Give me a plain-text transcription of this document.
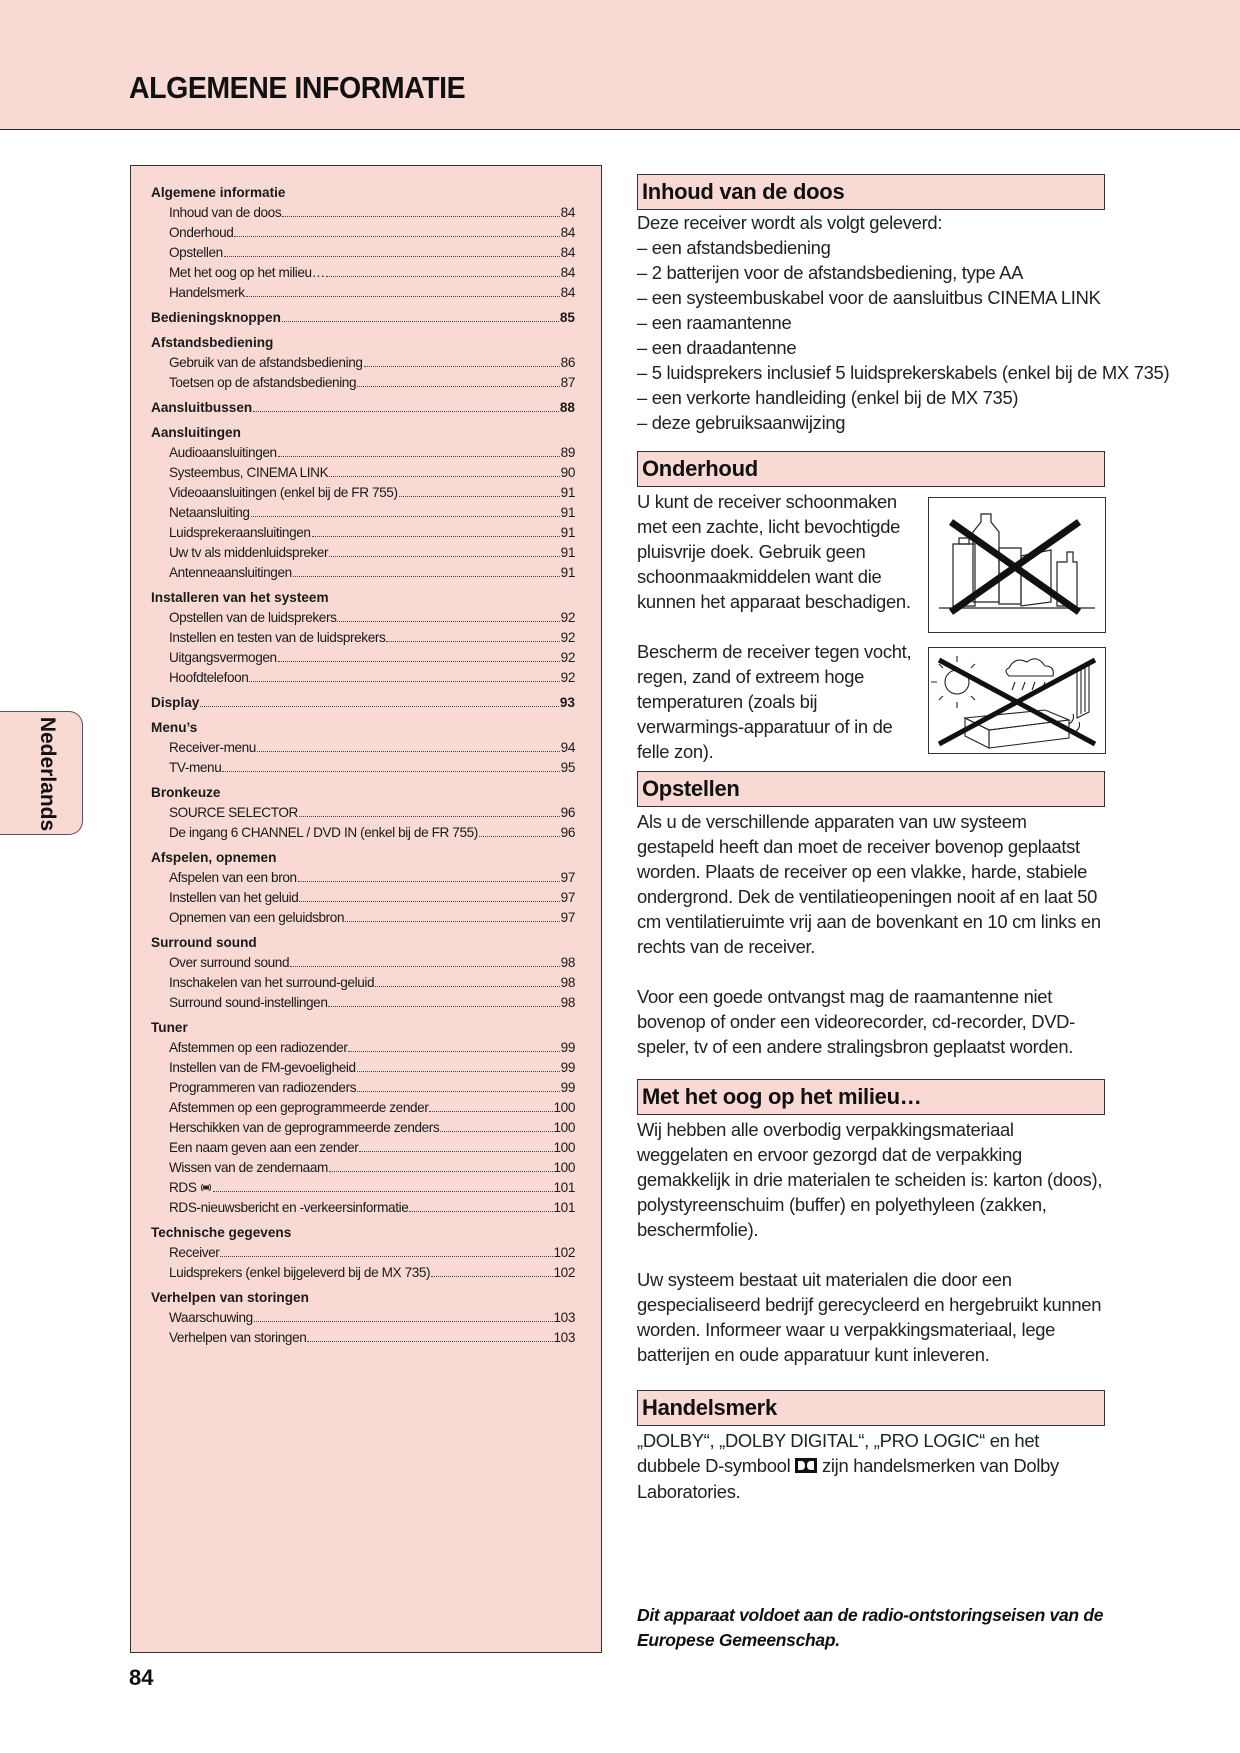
ALGEMENE INFORMATIE
Nederlands
Algemene informatie
Inhoud van de doos	84
Onderhoud	84
Opstellen	84
Met het oog op het milieu…	84
Handelsmerk	84
Bedieningsknoppen	85
Afstandsbediening
Gebruik van de afstandsbediening	86
Toetsen op de afstandsbediening	87
Aansluitbussen	88
Aansluitingen
Audioaansluitingen	89
Systeembus, CINEMA LINK	90
Videoaansluitingen (enkel bij de FR 755)	91
Netaansluiting	91
Luidsprekeraansluitingen	91
Uw tv als middenluidspreker	91
Antenneaansluitingen	91
Installeren van het systeem
Opstellen van de luidsprekers	92
Instellen en testen van de luidsprekers	92
Uitgangsvermogen	92
Hoofdtelefoon	92
Display	93
Menu’s
Receiver-menu	94
TV-menu	95
Bronkeuze
SOURCE SELECTOR	96
De ingang 6 CHANNEL / DVD IN (enkel bij de FR 755)	96
Afspelen, opnemen
Afspelen van een bron	97
Instellen van het geluid	97
Opnemen van een geluidsbron	97
Surround sound
Over surround sound	98
Inschakelen van het surround-geluid	98
Surround sound-instellingen	98
Tuner
Afstemmen op een radiozender	99
Instellen van de FM-gevoeligheid	99
Programmeren van radiozenders	99
Afstemmen op een geprogrammeerde zender	100
Herschikken van de geprogrammeerde zenders	100
Een naam geven aan een zender	100
Wissen van de zendernaam	100
RDS	101
RDS-nieuwsbericht en -verkeersinformatie	101
Technische gegevens
Receiver	102
Luidsprekers (enkel bijgeleverd bij de MX 735)	102
Verhelpen van storingen
Waarschuwing	103
Verhelpen van storingen	103
Inhoud van de doos
Deze receiver wordt als volgt geleverd:
– een afstandsbediening
– 2 batterijen voor de afstandsbediening, type AA
– een systeembuskabel voor de aansluitbus CINEMA LINK
– een raamantenne
– een draadantenne
– 5 luidsprekers inclusief 5 luidsprekerskabels (enkel bij de MX 735)
– een verkorte handleiding (enkel bij de MX 735)
– deze gebruiksaanwijzing
Onderhoud

U kunt de receiver schoonmaken met een zachte, licht bevochtigde pluisvrije doek. Gebruik geen schoonmaakmiddelen want die kunnen het apparaat beschadigen.

Bescherm de receiver tegen vocht, regen, zand of extreem hoge temperaturen (zoals bij verwarmings-apparatuur of in de felle zon).

Opstellen

Als u de verschillende apparaten van uw systeem gestapeld heeft dan moet de receiver bovenop geplaatst worden. Plaats de receiver op een vlakke, harde, stabiele ondergrond. Dek de ventilatieopeningen nooit af en laat 50 cm ventilatieruimte vrij aan de bovenkant en 10 cm links en rechts van de receiver.

Voor een goede ontvangst mag de raamantenne niet bovenop of onder een videorecorder, cd-recorder, DVD-speler, tv of een andere stralingsbron geplaatst worden.

Met het oog op het milieu…

Wij hebben alle overbodig verpakkingsmateriaal weggelaten en ervoor gezorgd dat de verpakking gemakkelijk in drie materialen te scheiden is: karton (doos), polystyreenschuim (buffer) en polyethyleen (zakken, beschermfolie).

Uw systeem bestaat uit materialen die door een gespecialiseerd bedrijf gerecycleerd en hergebruikt kunnen worden. Informeer waar u verpakkingsmateriaal, lege batterijen en oude apparatuur kunt inleveren.

Handelsmerk

„DOLBY“, „DOLBY DIGITAL“, „PRO LOGIC“ en het dubbele D-symbool zijn handelsmerken van Dolby Laboratories.

Dit apparaat voldoet aan de radio-ontstoringseisen van de Europese Gemeenschap.
84
